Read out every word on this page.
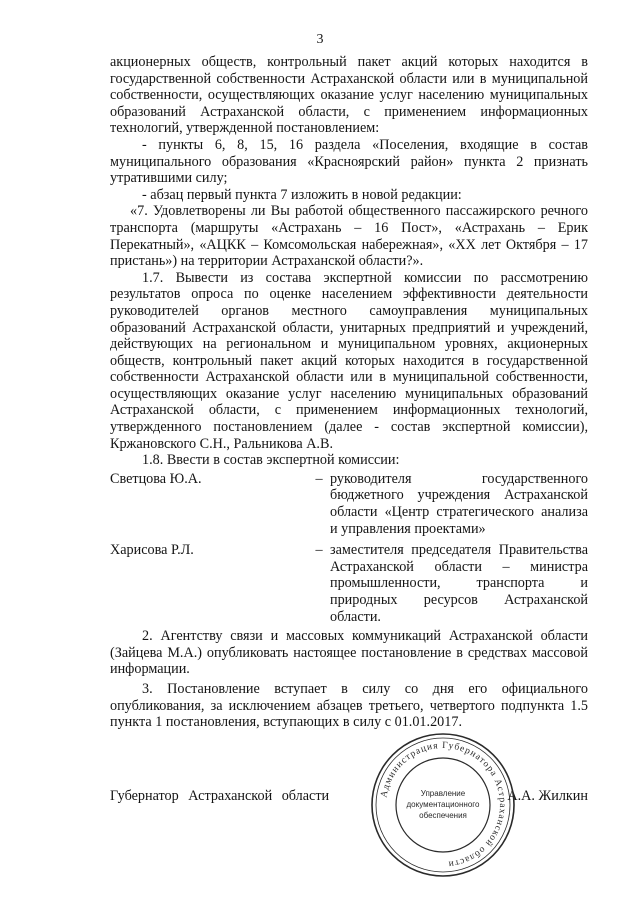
3

акционерных обществ, контрольный пакет акций которых находится в государственной собственности Астраханской области или в муниципальной собственности, осуществляющих оказание услуг населению муниципальных образований Астраханской области, с применением информационных технологий, утвержденной постановлением:

- пункты 6, 8, 15, 16 раздела «Поселения, входящие в состав муниципального образования «Красноярский район» пункта 2 признать утратившими силу;

- абзац первый пункта 7 изложить в новой редакции:

«7. Удовлетворены ли Вы работой общественного пассажирского речного транспорта (маршруты «Астрахань – 16 Пост», «Астрахань – Ерик Перекатный», «АЦКК – Комсомольская набережная», «XX лет Октября – 17 пристань») на территории Астраханской области?».

1.7. Вывести из состава экспертной комиссии по рассмотрению результатов опроса по оценке населением эффективности деятельности руководителей органов местного самоуправления муниципальных образований Астраханской области, унитарных предприятий и учреждений, действующих на региональном и муниципальном уровнях, акционерных обществ, контрольный пакет акций которых находится в государственной собственности Астраханской области или в муниципальной собственности, осуществляющих оказание услуг населению муниципальных образований Астраханской области, с применением информационных технологий, утвержденного постановлением (далее - состав экспертной комиссии), Кржановского С.Н., Ральникова А.В.

1.8. Ввести в состав экспертной комиссии:

Светцова Ю.А.	– руководителя государственного бюджетного учреждения Астраханской области «Центр стратегического анализа и управления проектами»
Харисова Р.Л.	– заместителя председателя Правительства Астраханской области – министра промышленности, транспорта и природных ресурсов Астраханской области.

2. Агентству связи и массовых коммуникаций Астраханской области (Зайцева М.А.) опубликовать настоящее постановление в средствах массовой информации.

3. Постановление вступает в силу со дня его официального опубликования, за исключением абзацев третьего, четвертого подпункта 1.5 пункта 1 постановления, вступающих в силу с 01.01.2017.

Губернатор Астраханской области	А.А. Жилкин
Администрация Губернатора Астраханской области
Управление
документационного
обеспечения
